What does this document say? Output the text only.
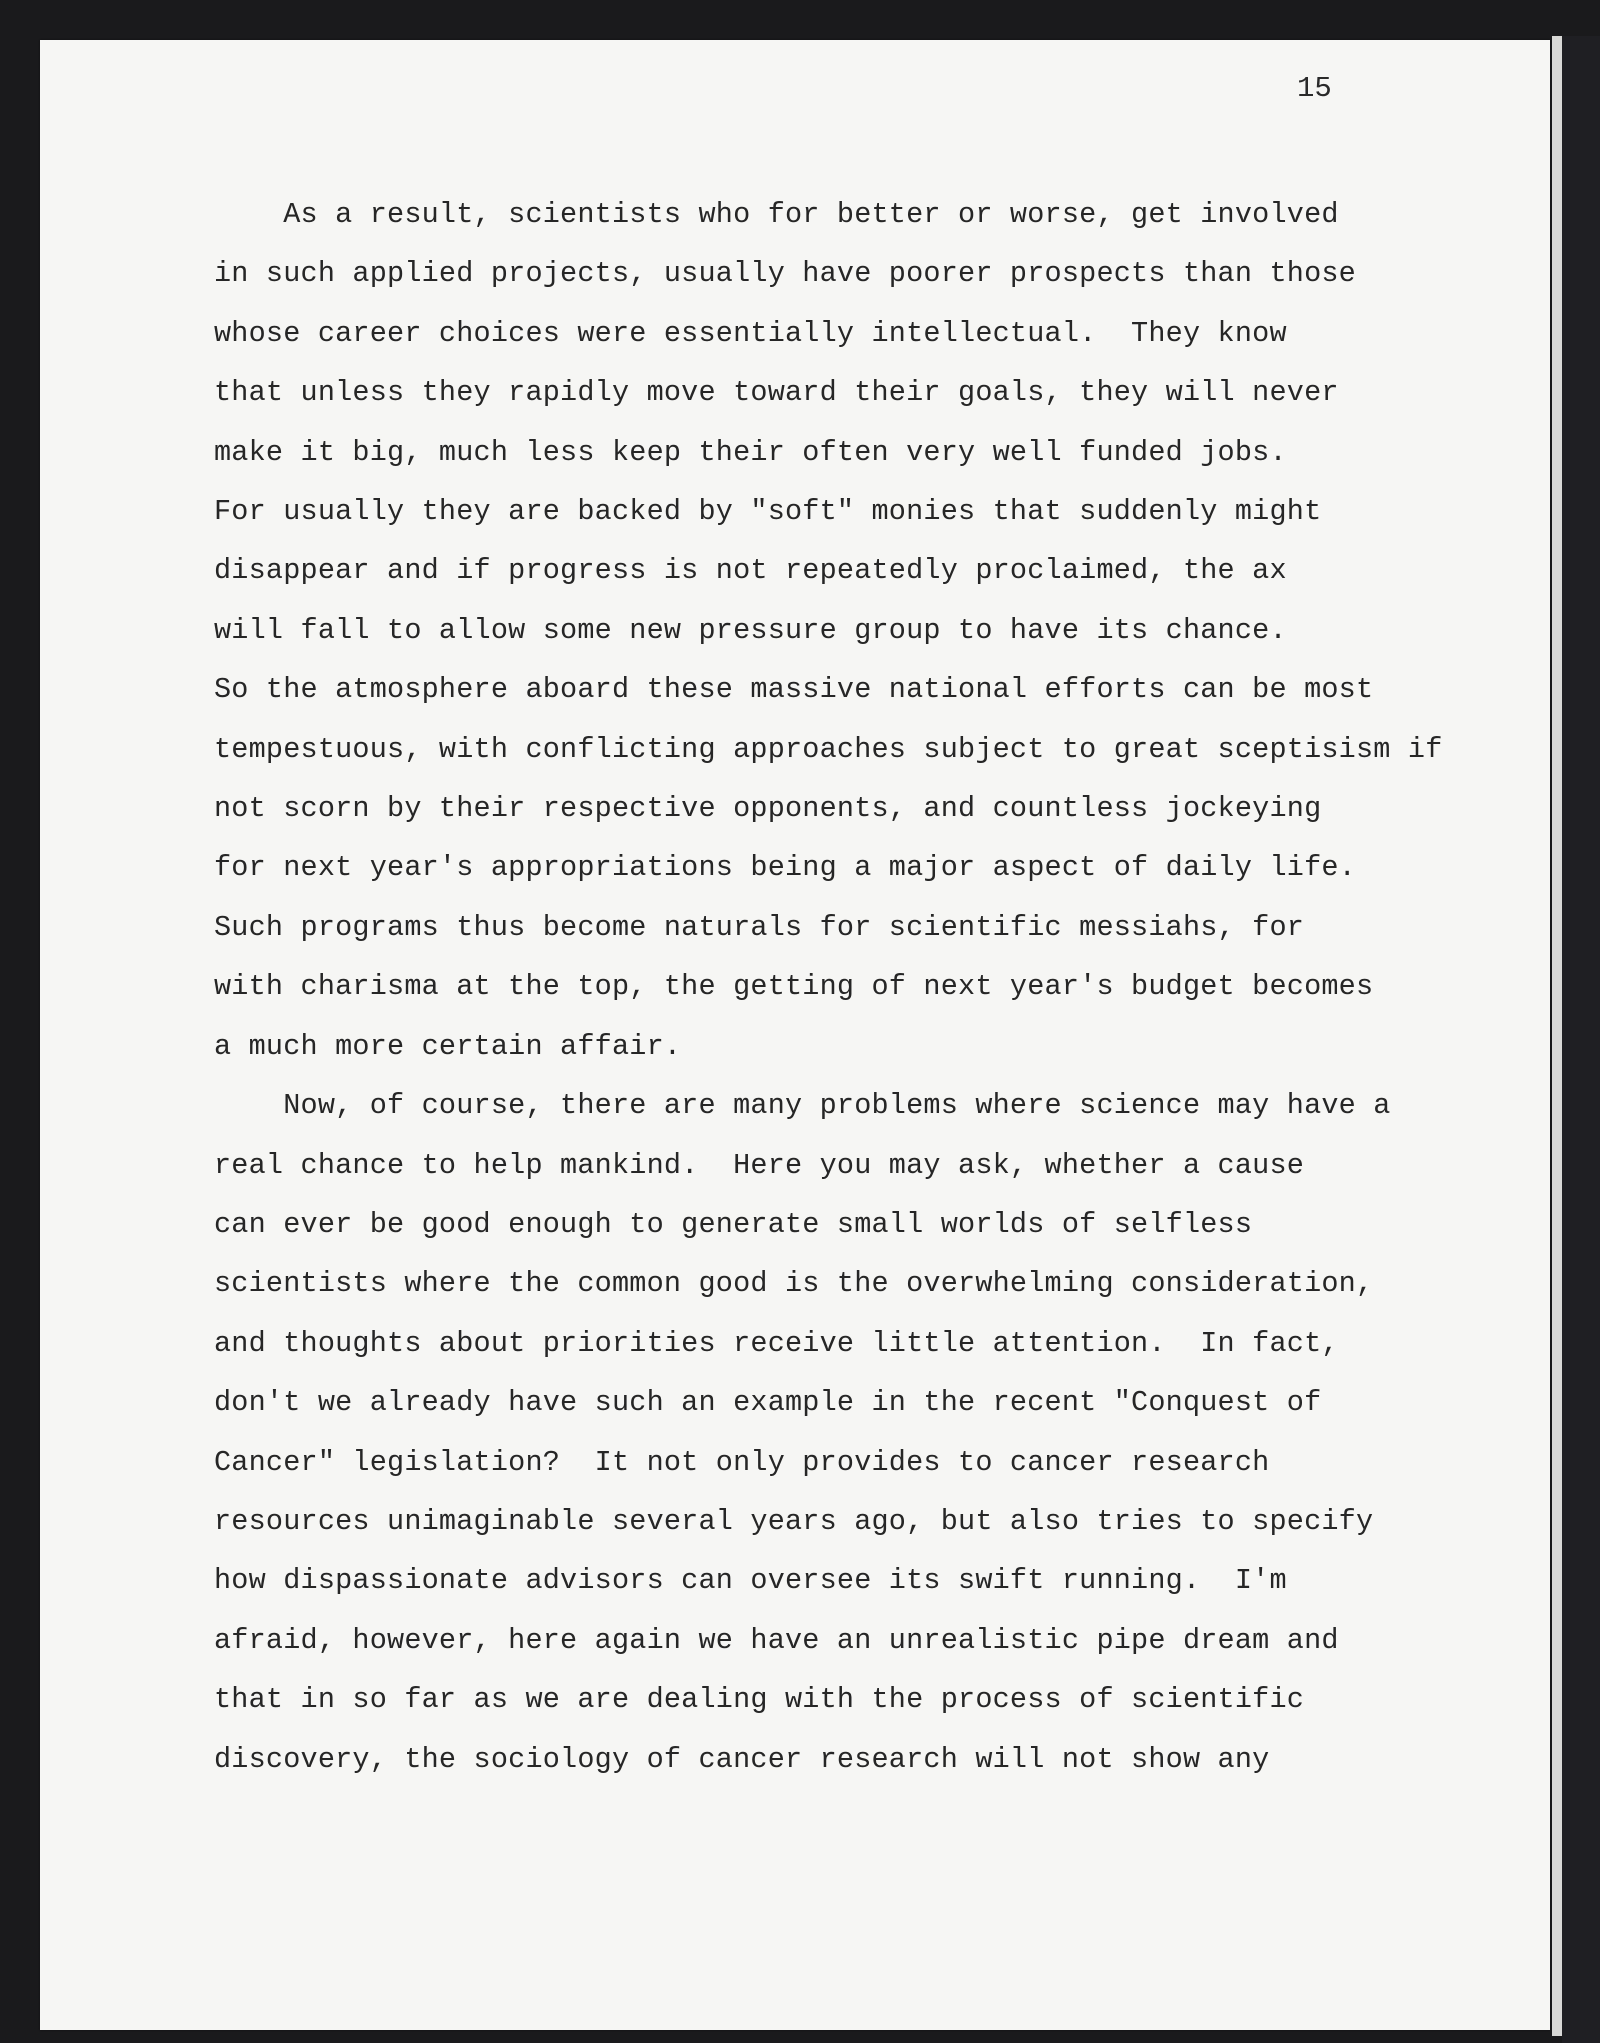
15

As a result, scientists who for better or worse, get involved
in such applied projects, usually have poorer prospects than those
whose career choices were essentially intellectual.  They know
that unless they rapidly move toward their goals, they will never
make it big, much less keep their often very well funded jobs.
For usually they are backed by "soft" monies that suddenly might
disappear and if progress is not repeatedly proclaimed, the ax
will fall to allow some new pressure group to have its chance.
So the atmosphere aboard these massive national efforts can be most
tempestuous, with conflicting approaches subject to great sceptisism if
not scorn by their respective opponents, and countless jockeying
for next year's appropriations being a major aspect of daily life.
Such programs thus become naturals for scientific messiahs, for
with charisma at the top, the getting of next year's budget becomes
a much more certain affair.
Now, of course, there are many problems where science may have a
real chance to help mankind.  Here you may ask, whether a cause
can ever be good enough to generate small worlds of selfless
scientists where the common good is the overwhelming consideration,
and thoughts about priorities receive little attention.  In fact,
don't we already have such an example in the recent "Conquest of
Cancer" legislation?  It not only provides to cancer research
resources unimaginable several years ago, but also tries to specify
how dispassionate advisors can oversee its swift running.  I'm
afraid, however, here again we have an unrealistic pipe dream and
that in so far as we are dealing with the process of scientific
discovery, the sociology of cancer research will not show any
